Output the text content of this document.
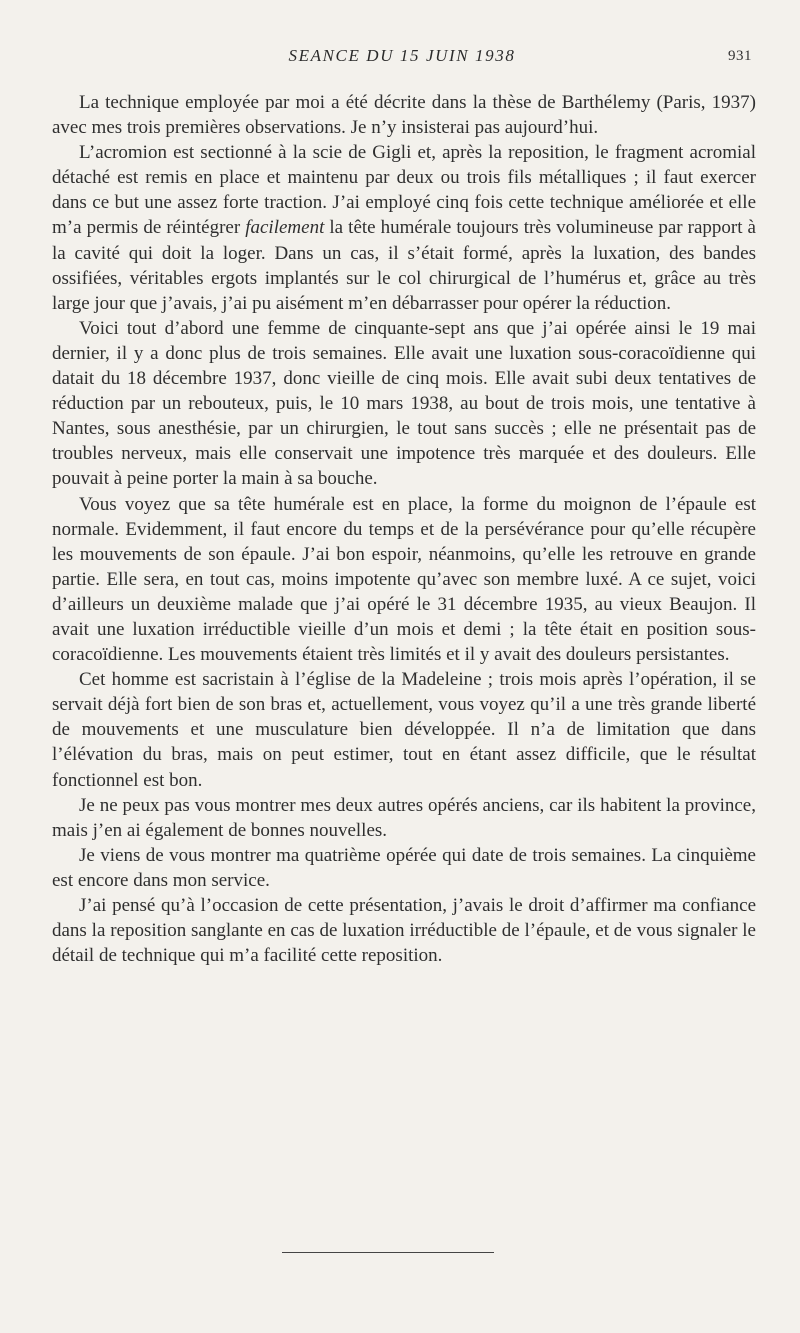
SEANCE DU 15 JUIN 1938	931

La technique employée par moi a été décrite dans la thèse de Barthélemy (Paris, 1937) avec mes trois premières observations. Je n’y insisterai pas aujourd’hui.

L’acromion est sectionné à la scie de Gigli et, après la reposition, le fragment acromial détaché est remis en place et maintenu par deux ou trois fils métalliques ; il faut exercer dans ce but une assez forte traction. J’ai employé cinq fois cette technique améliorée et elle m’a permis de réintégrer facilement la tête humérale toujours très volumineuse par rapport à la cavité qui doit la loger. Dans un cas, il s’était formé, après la luxation, des bandes ossifiées, véritables ergots implantés sur le col chirurgical de l’humérus et, grâce au très large jour que j’avais, j’ai pu aisément m’en débarrasser pour opérer la réduction.

Voici tout d’abord une femme de cinquante-sept ans que j’ai opérée ainsi le 19 mai dernier, il y a donc plus de trois semaines. Elle avait une luxation sous-coracoïdienne qui datait du 18 décembre 1937, donc vieille de cinq mois. Elle avait subi deux tentatives de réduction par un rebouteux, puis, le 10 mars 1938, au bout de trois mois, une tentative à Nantes, sous anesthésie, par un chirurgien, le tout sans succès ; elle ne présentait pas de troubles nerveux, mais elle conservait une impotence très marquée et des douleurs. Elle pouvait à peine porter la main à sa bouche.

Vous voyez que sa tête humérale est en place, la forme du moignon de l’épaule est normale. Evidemment, il faut encore du temps et de la persévérance pour qu’elle récupère les mouvements de son épaule. J’ai bon espoir, néanmoins, qu’elle les retrouve en grande partie. Elle sera, en tout cas, moins impotente qu’avec son membre luxé. A ce sujet, voici d’ailleurs un deuxième malade que j’ai opéré le 31 décembre 1935, au vieux Beaujon. Il avait une luxation irréductible vieille d’un mois et demi ; la tête était en position sous-coracoïdienne. Les mouvements étaient très limités et il y avait des douleurs persistantes.

Cet homme est sacristain à l’église de la Madeleine ; trois mois après l’opération, il se servait déjà fort bien de son bras et, actuellement, vous voyez qu’il a une très grande liberté de mouvements et une musculature bien développée. Il n’a de limitation que dans l’élévation du bras, mais on peut estimer, tout en étant assez difficile, que le résultat fonctionnel est bon.

Je ne peux pas vous montrer mes deux autres opérés anciens, car ils habitent la province, mais j’en ai également de bonnes nouvelles.

Je viens de vous montrer ma quatrième opérée qui date de trois semaines. La cinquième est encore dans mon service.

J’ai pensé qu’à l’occasion de cette présentation, j’avais le droit d’affirmer ma confiance dans la reposition sanglante en cas de luxation irréductible de l’épaule, et de vous signaler le détail de technique qui m’a facilité cette reposition.
